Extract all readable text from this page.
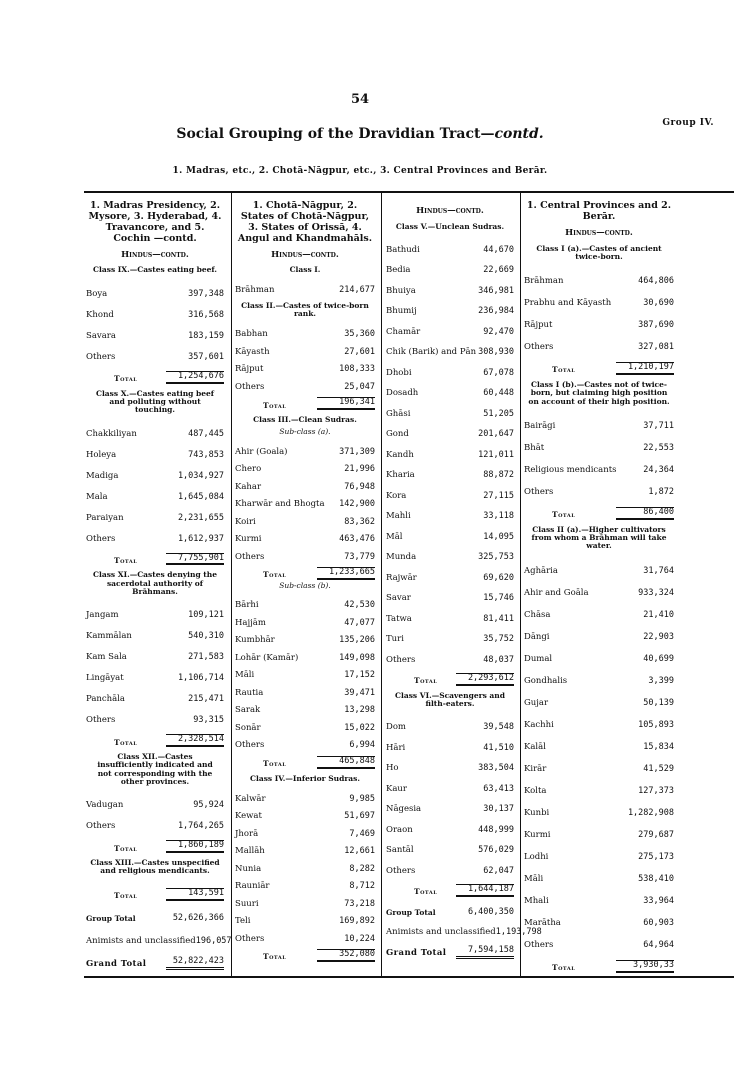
54
Group IV.
Social Grouping of the Dravidian Tract—contd.
1. Madras, etc., 2. Chotā-Nāgpur, etc., 3. Central Provinces and Berār.
1. Madras Presidency, 2. Mysore, 3. Hyderabad, 4. Travancore, and 5. Cochin —contd.
Hindus—contd.
Class IX.—Castes eating beef.
Boya	397,348
Khond	316,568
Savara	183,159
Others	357,601
Total	1,254,676
Class X.—Castes eating beef and polluting without touching.
Chakkiliyan	487,445
Holeya	743,853
Madiga	1,034,927
Mala	1,645,084
Paraiyan	2,231,655
Others	1,612,937
Total	7,755,901
Class XI.—Castes denying the sacerdotal authority of Brāhmans.
Jangam	109,121
Kammālan	540,310
Kam Sala	271,583
Lingāyat	1,106,714
Panchāla	215,471
Others	93,315
Total	2,328,514
Class XII.—Castes insufficiently indicated and not corresponding with the other provinces.
Vadugan	95,924
Others	1,764,265
Total	1,860,189
Class XIII.—Castes unspecified and religious mendicants.
Total	143,591
Group Total	52,626,366
Animists and unclassified 196,057
Grand Total	52,822,423
1. Chotā-Nāgpur, 2. States of Chotā-Nāgpur, 3. States of Orissā, 4. Angul and Khandmahāls.
Hindus—contd.
Class I.
Brāhman	214,677
Class II.—Castes of twice-born rank.
Babhan	35,360
Kāyasth	27,601
Rājput	108,333
Others	25,047
Total	196,341
Class III.—Clean Sudras.
Sub-class (a).
Ahir (Goala)	371,309
Chero	21,996
Kahar	76,948
Kharwār and Bhogta	142,900
Koiri	83,362
Kurmi	463,476
Others	73,779
Total	1,233,665
Sub-class (b).
Bārhi	42,530
Hajjām	47,077
Kumbhār	135,206
Lohār (Kamār)	149,098
Māli	17,152
Rautia	39,471
Sarak	13,298
Sonār	15,022
Others	6,994
Total	465,848
Class IV.—Inferior Sudras.
Kalwār	9,985
Kewat	51,697
Jhorā	7,469
Mallāh	12,661
Nunia	8,282
Rauniār	8,712
Suuri	73,218
Teli	169,892
Others	10,224
Total	352,080
Hindus—contd.
Class V.—Unclean Sudras.
Bathudi	44,670
Bedia	22,669
Bhuiya	346,981
Bhumij	236,984
Chamār	92,470
Chik (Barik) and Pān 308,930
Dhobi	67,078
Dosadh	60,448
Ghāsi	51,205
Gond	201,647
Kandh	121,011
Kharia	88,872
Kora	27,115
Mahli	33,118
Māl	14,095
Munda	325,753
Rajwār	69,620
Savar	15,746
Tatwa	81,411
Turi	35,752
Others	48,037
Total	2,293,612
Class VI.—Scavengers and filth-eaters.
Dom	39,548
Hāri	41,510
Ho	383,504
Kaur	63,413
Nāgesia	30,137
Oraon	448,999
Santāl	576,029
Others	62,047
Total	1,644,187
Group Total	6,400,350
Animists and unclassified 1,193,798
Grand Total	7,594,158
1. Central Provinces and 2. Berār.
Hindus—contd.
Class I (a).—Castes of ancient twice-born.
Brāhman	464,806
Prabhu and Kāyasth	30,690
Rājput	387,690
Others	327,081
Total	1,210,197
Class I (b).—Castes not of twice-born, but claiming high position on account of their high position.
Bairāgi	37,711
Bhāt	22,553
Religious mendicants	24,364
Others	1,872
Total	86,400
Class II (a).—Higher cultivators from whom a Brāhman will take water.
Aghāria	31,764
Ahir and Goāla	933,324
Chāsa	21,410
Dāngi	22,903
Dumal	40,699
Gondhalis	3,399
Gujar	50,139
Kachhi	105,893
Kalāl	15,834
Kirār	41,529
Kolta	127,373
Kunbi	1,282,908
Kurmi	279,687
Lodhi	275,173
Māli	538,410
Mhali	33,964
Marātha	60,903
Others	64,964
Total	3,930,33
